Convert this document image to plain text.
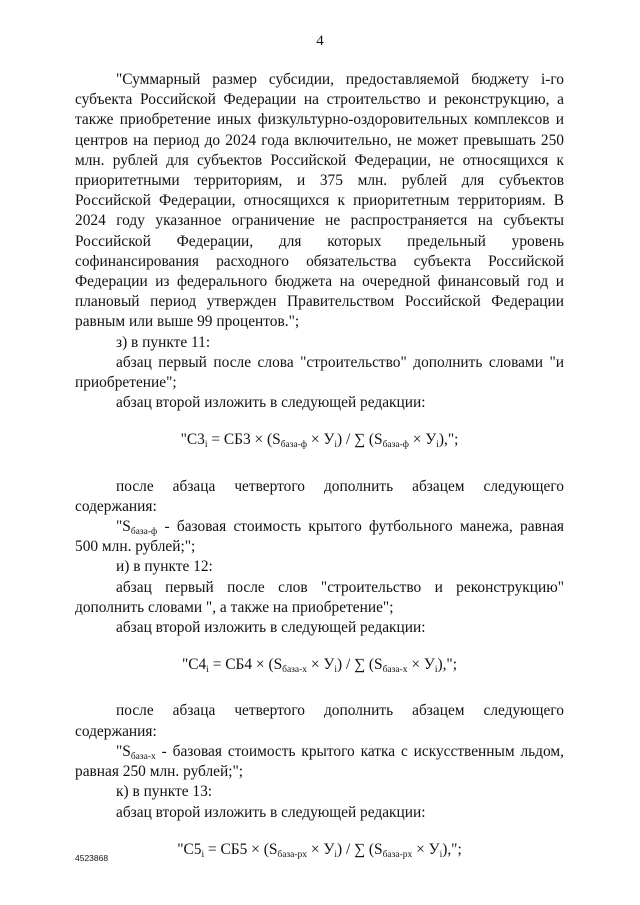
4

"Суммарный размер субсидии, предоставляемой бюджету i-го субъекта Российской Федерации на строительство и реконструкцию, а также приобретение иных физкультурно-оздоровительных комплексов и центров на период до 2024 года включительно, не может превышать 250 млн. рублей для субъектов Российской Федерации, не относящихся к приоритетными территориям, и 375 млн. рублей для субъектов Российской Федерации, относящихся к приоритетным территориям. В 2024 году указанное ограничение не распространяется на субъекты Российской Федерации, для которых предельный уровень софинансирования расходного обязательства субъекта Российской Федерации из федерального бюджета на очередной финансовый год и плановый период утвержден Правительством Российской Федерации равным или выше 99 процентов.";

з) в пункте 11:

абзац первый после слова "строительство" дополнить словами "и приобретение";

абзац второй изложить в следующей редакции:

"$С3_i = СБ3 \times (S_{база-ф} \times У_i)$ / ∑ $(S_{база-ф} \times У_i)$,";

после абзаца четвертого дополнить абзацем следующего содержания:

"$S_{база-ф}$ - базовая стоимость крытого футбольного манежа, равная 500 млн. рублей;";

и) в пункте 12:

абзац первый после слов "строительство и реконструкцию" дополнить словами ", а также на приобретение";

абзац второй изложить в следующей редакции:

"$С4_i = СБ4 \times (S_{база-х} \times У_i)$ / ∑ $(S_{база-х} \times У_i)$,";

после абзаца четвертого дополнить абзацем следующего содержания:

"$S_{база-х}$ - базовая стоимость крытого катка с искусственным льдом, равная 250 млн. рублей;";

к) в пункте 13:

абзац второй изложить в следующей редакции:

"$С5_i = СБ5 \times (S_{база-рх} \times У_i)$ / ∑ $(S_{база-рх} \times У_i)$,";

4523868
